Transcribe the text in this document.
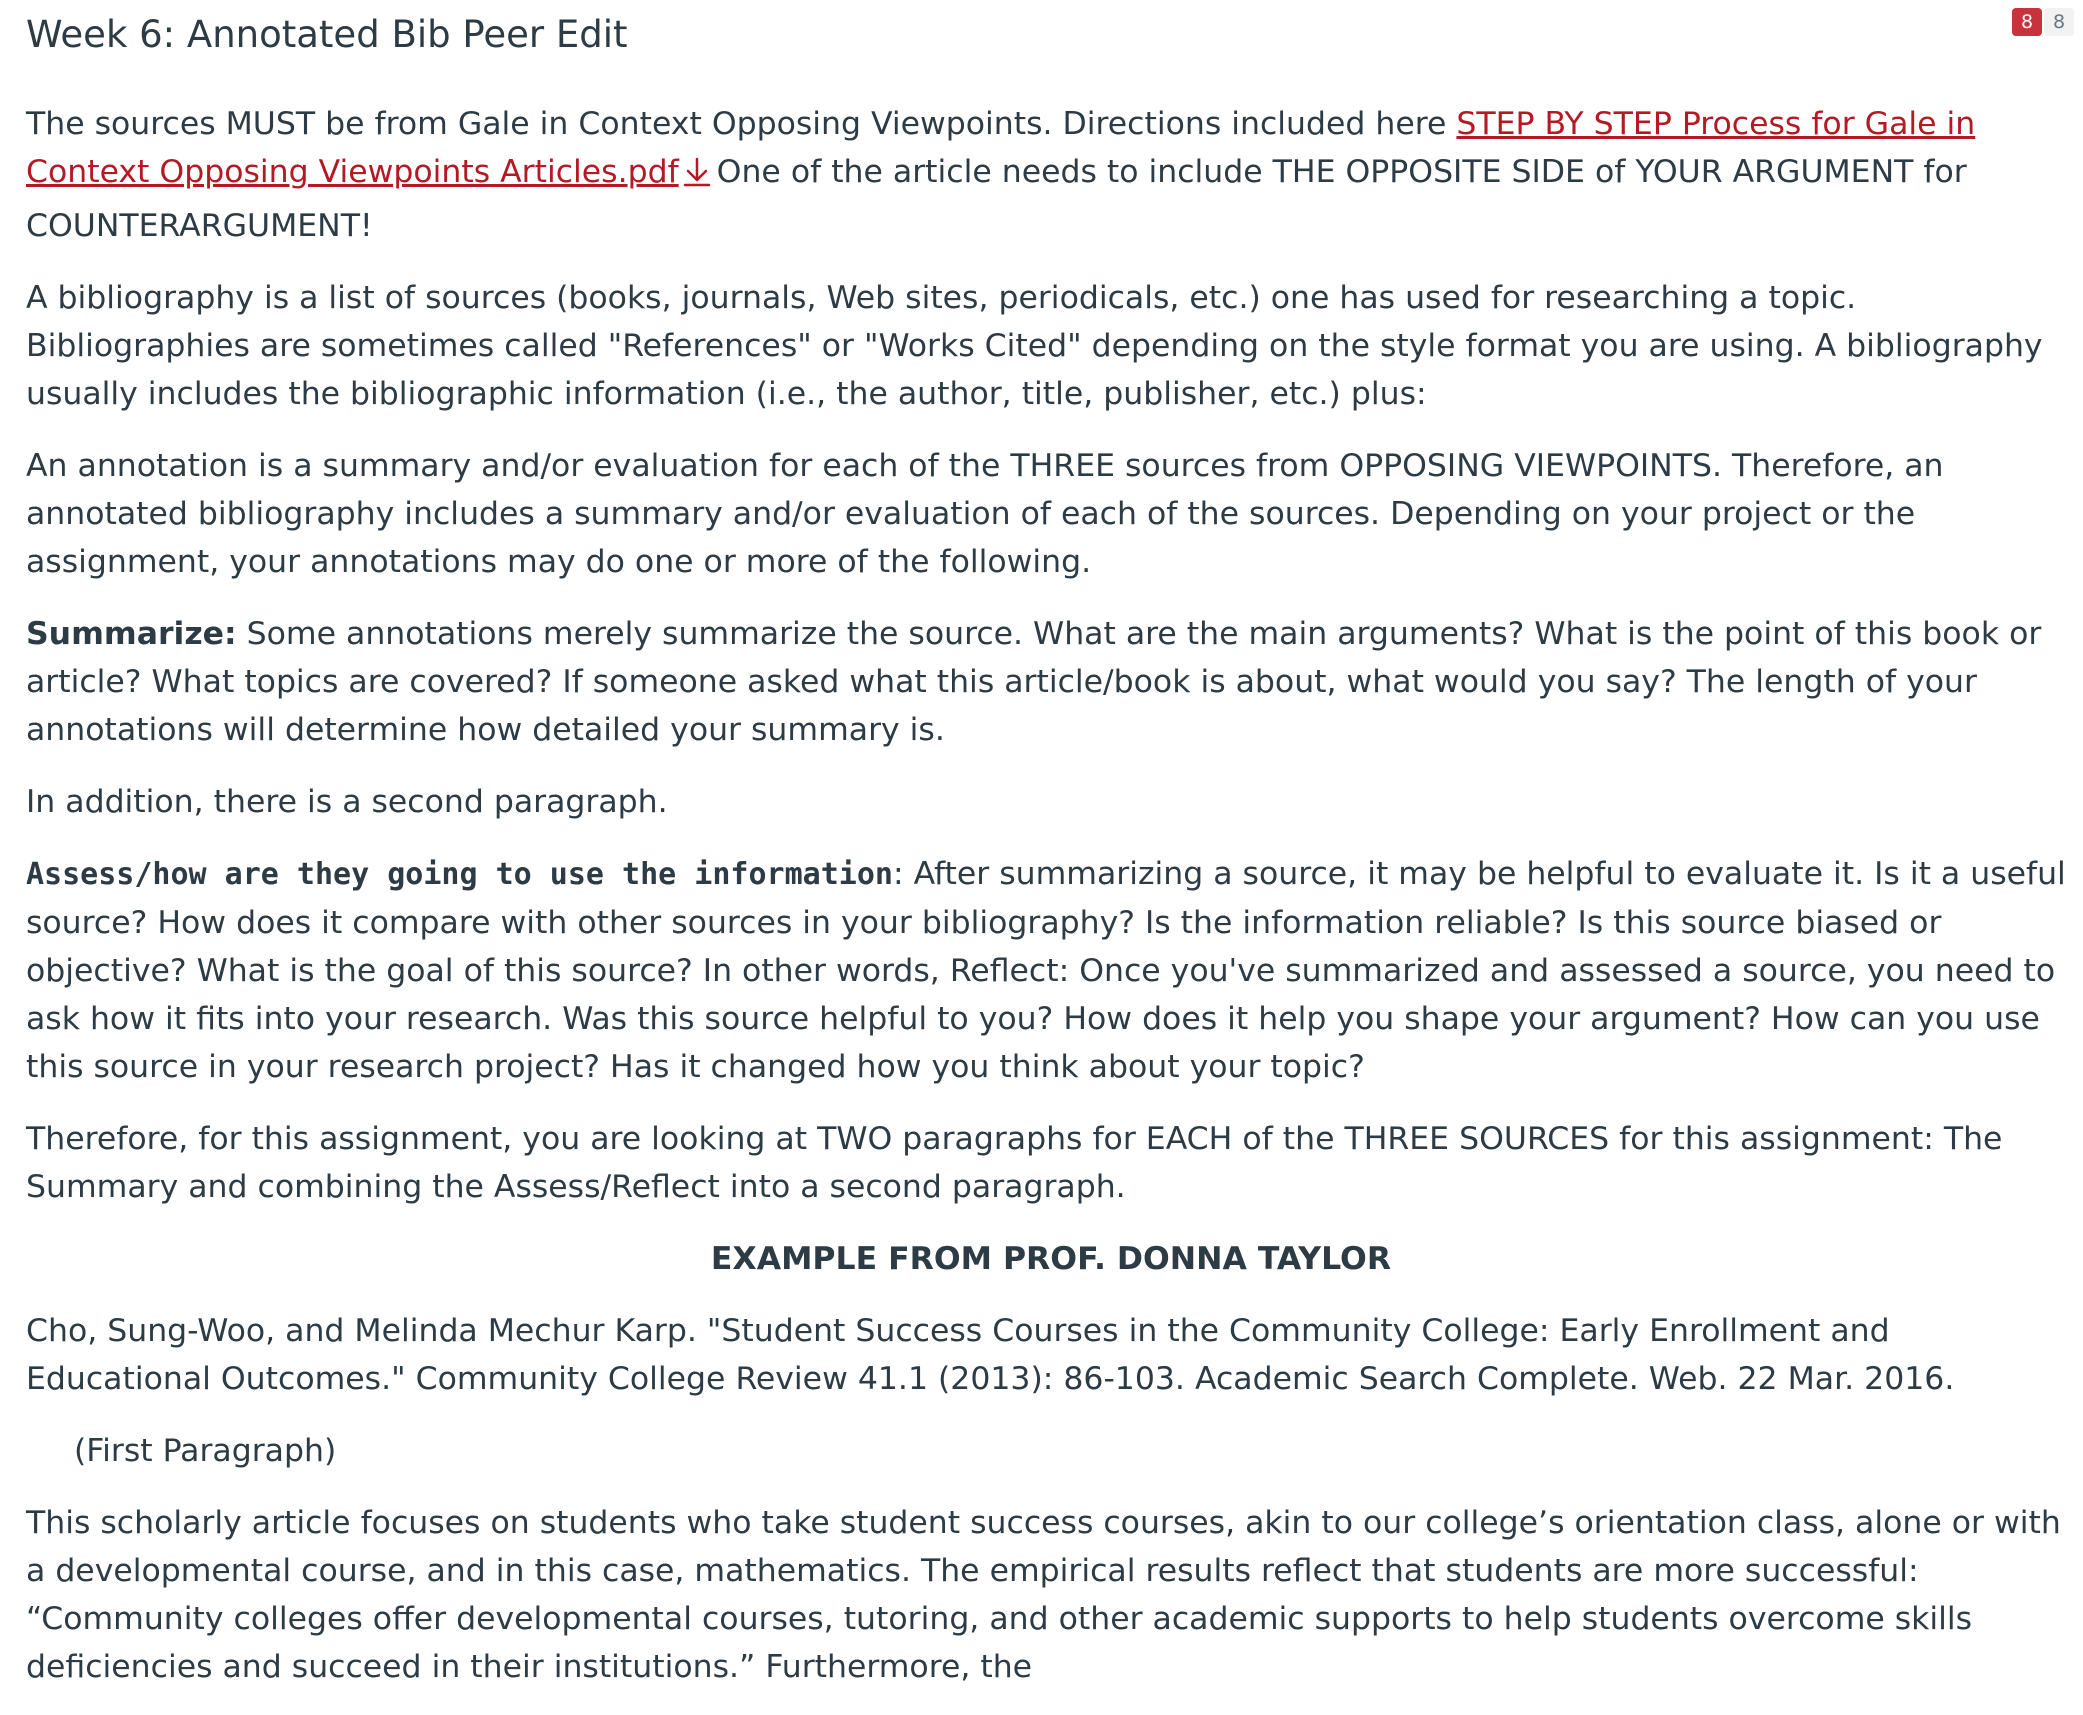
Week 6: Annotated Bib Peer Edit

The sources MUST be from Gale in Context Opposing Viewpoints. Directions included here STEP BY STEP Process for Gale in Context Opposing Viewpoints Articles.pdf One of the article needs to include THE OPPOSITE SIDE of YOUR ARGUMENT for COUNTERARGUMENT!

A bibliography is a list of sources (books, journals, Web sites, periodicals, etc.) one has used for researching a topic. Bibliographies are sometimes called "References" or "Works Cited" depending on the style format you are using. A bibliography usually includes the bibliographic information (i.e., the author, title, publisher, etc.) plus:

An annotation is a summary and/or evaluation for each of the THREE sources from OPPOSING VIEWPOINTS. Therefore, an annotated bibliography includes a summary and/or evaluation of each of the sources. Depending on your project or the assignment, your annotations may do one or more of the following.

Summarize: Some annotations merely summarize the source. What are the main arguments? What is the point of this book or article? What topics are covered? If someone asked what this article/book is about, what would you say? The length of your annotations will determine how detailed your summary is.

In addition, there is a second paragraph.

Assess/how are they going to use the information: After summarizing a source, it may be helpful to evaluate it. Is it a useful source? How does it compare with other sources in your bibliography? Is the information reliable? Is this source biased or objective? What is the goal of this source? In other words, Reflect: Once you've summarized and assessed a source, you need to ask how it fits into your research. Was this source helpful to you? How does it help you shape your argument? How can you use this source in your research project? Has it changed how you think about your topic?

Therefore, for this assignment, you are looking at TWO paragraphs for EACH of the THREE SOURCES for this assignment: The Summary and combining the Assess/Reflect into a second paragraph.

EXAMPLE FROM PROF. DONNA TAYLOR

Cho, Sung-Woo, and Melinda Mechur Karp. "Student Success Courses in the Community College: Early Enrollment and Educational Outcomes." Community College Review 41.1 (2013): 86-103. Academic Search Complete. Web. 22 Mar. 2016.

(First Paragraph)

This scholarly article focuses on students who take student success courses, akin to our college’s orientation class, alone or with a developmental course, and in this case, mathematics. The empirical results reflect that students are more successful: “Community colleges offer developmental courses, tutoring, and other academic supports to help students overcome skills deficiencies and succeed in their institutions.” Furthermore, the

8	8
